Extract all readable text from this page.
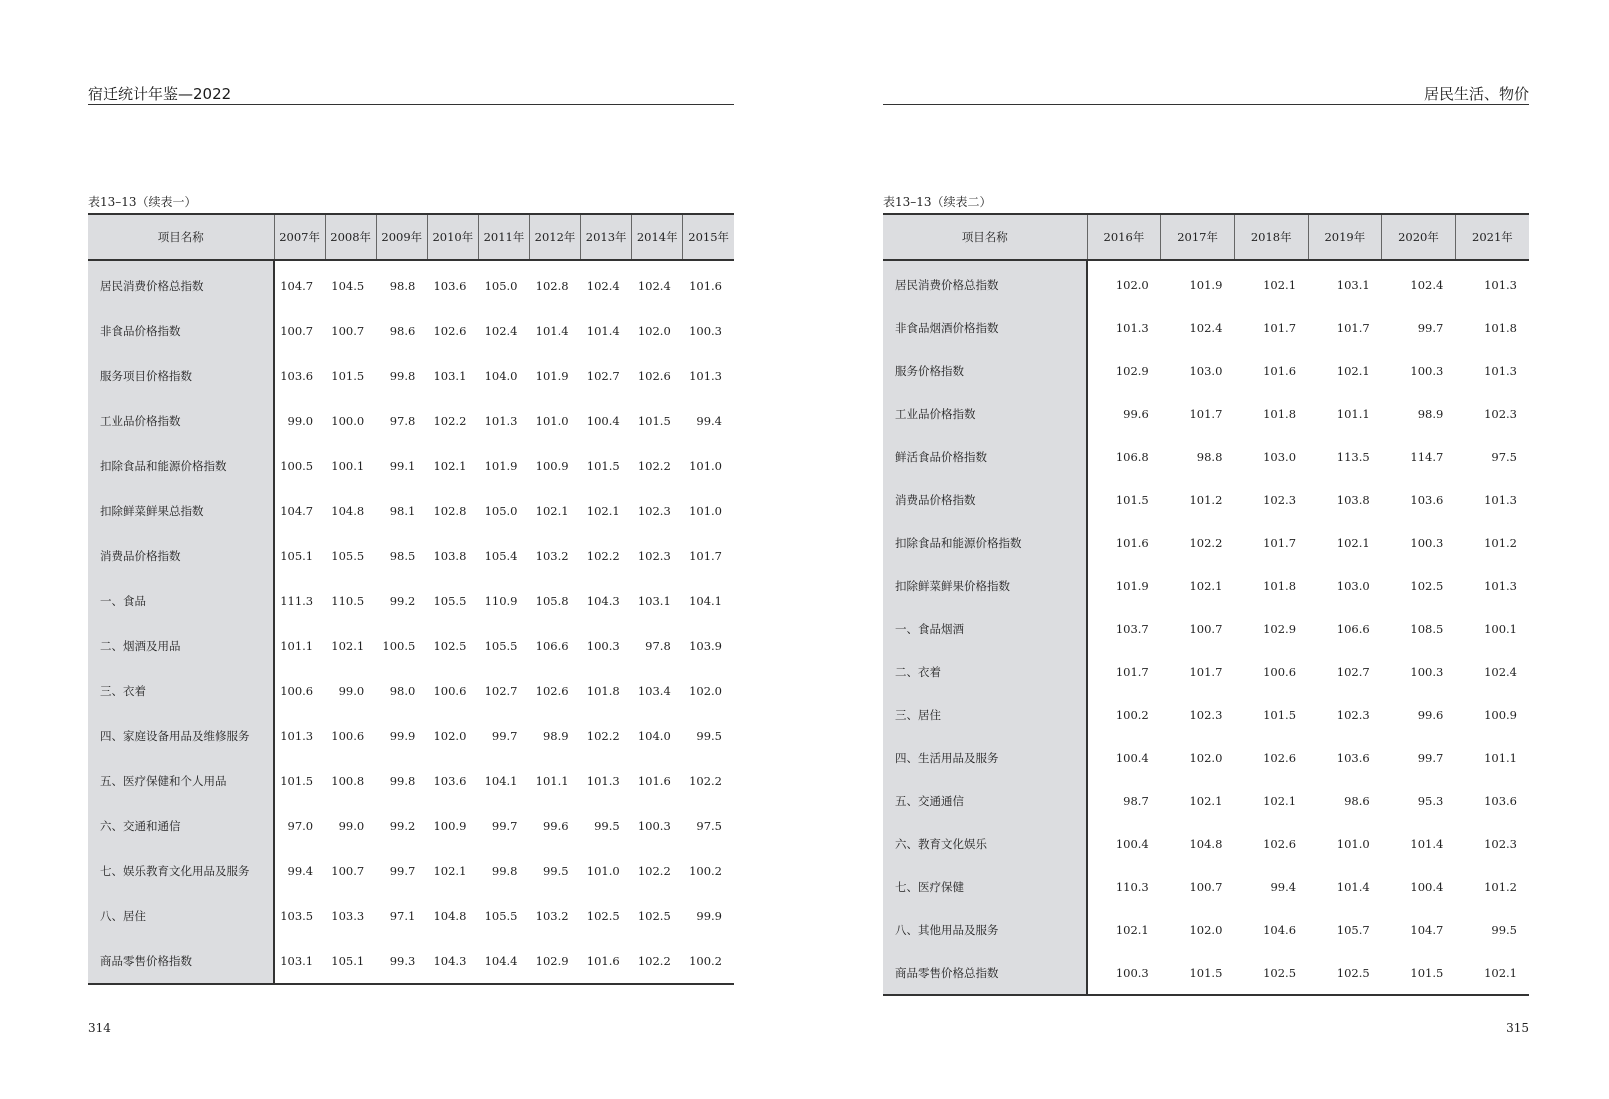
宿迁统计年鉴—2022
表13–13（续表一）
项目名称	2007年	2008年	2009年	2010年	2011年	2012年	2013年	2014年	2015年

居民消费价格总指数	104.7	104.5	98.8	103.6	105.0	102.8	102.4	102.4	101.6
非食品价格指数	100.7	100.7	98.6	102.6	102.4	101.4	101.4	102.0	100.3
服务项目价格指数	103.6	101.5	99.8	103.1	104.0	101.9	102.7	102.6	101.3
工业品价格指数	99.0	100.0	97.8	102.2	101.3	101.0	100.4	101.5	99.4
扣除食品和能源价格指数	100.5	100.1	99.1	102.1	101.9	100.9	101.5	102.2	101.0
扣除鲜菜鲜果总指数	104.7	104.8	98.1	102.8	105.0	102.1	102.1	102.3	101.0
消费品价格指数	105.1	105.5	98.5	103.8	105.4	103.2	102.2	102.3	101.7
一、食品	111.3	110.5	99.2	105.5	110.9	105.8	104.3	103.1	104.1
二、烟酒及用品	101.1	102.1	100.5	102.5	105.5	106.6	100.3	97.8	103.9
三、衣着	100.6	99.0	98.0	100.6	102.7	102.6	101.8	103.4	102.0
四、家庭设备用品及维修服务	101.3	100.6	99.9	102.0	99.7	98.9	102.2	104.0	99.5
五、医疗保健和个人用品	101.5	100.8	99.8	103.6	104.1	101.1	101.3	101.6	102.2
六、交通和通信	97.0	99.0	99.2	100.9	99.7	99.6	99.5	100.3	97.5
七、娱乐教育文化用品及服务	99.4	100.7	99.7	102.1	99.8	99.5	101.0	102.2	100.2
八、居住	103.5	103.3	97.1	104.8	105.5	103.2	102.5	102.5	99.9
商品零售价格指数	103.1	105.1	99.3	104.3	104.4	102.9	101.6	102.2	100.2
314
居民生活、物价
表13–13（续表二）
项目名称	2016年	2017年	2018年	2019年	2020年	2021年

居民消费价格总指数	102.0	101.9	102.1	103.1	102.4	101.3
非食品烟酒价格指数	101.3	102.4	101.7	101.7	99.7	101.8
服务价格指数	102.9	103.0	101.6	102.1	100.3	101.3
工业品价格指数	99.6	101.7	101.8	101.1	98.9	102.3
鲜活食品价格指数	106.8	98.8	103.0	113.5	114.7	97.5
消费品价格指数	101.5	101.2	102.3	103.8	103.6	101.3
扣除食品和能源价格指数	101.6	102.2	101.7	102.1	100.3	101.2
扣除鲜菜鲜果价格指数	101.9	102.1	101.8	103.0	102.5	101.3
一、食品烟酒	103.7	100.7	102.9	106.6	108.5	100.1
二、衣着	101.7	101.7	100.6	102.7	100.3	102.4
三、居住	100.2	102.3	101.5	102.3	99.6	100.9
四、生活用品及服务	100.4	102.0	102.6	103.6	99.7	101.1
五、交通通信	98.7	102.1	102.1	98.6	95.3	103.6
六、教育文化娱乐	100.4	104.8	102.6	101.0	101.4	102.3
七、医疗保健	110.3	100.7	99.4	101.4	100.4	101.2
八、其他用品及服务	102.1	102.0	104.6	105.7	104.7	99.5
商品零售价格总指数	100.3	101.5	102.5	102.5	101.5	102.1
315
